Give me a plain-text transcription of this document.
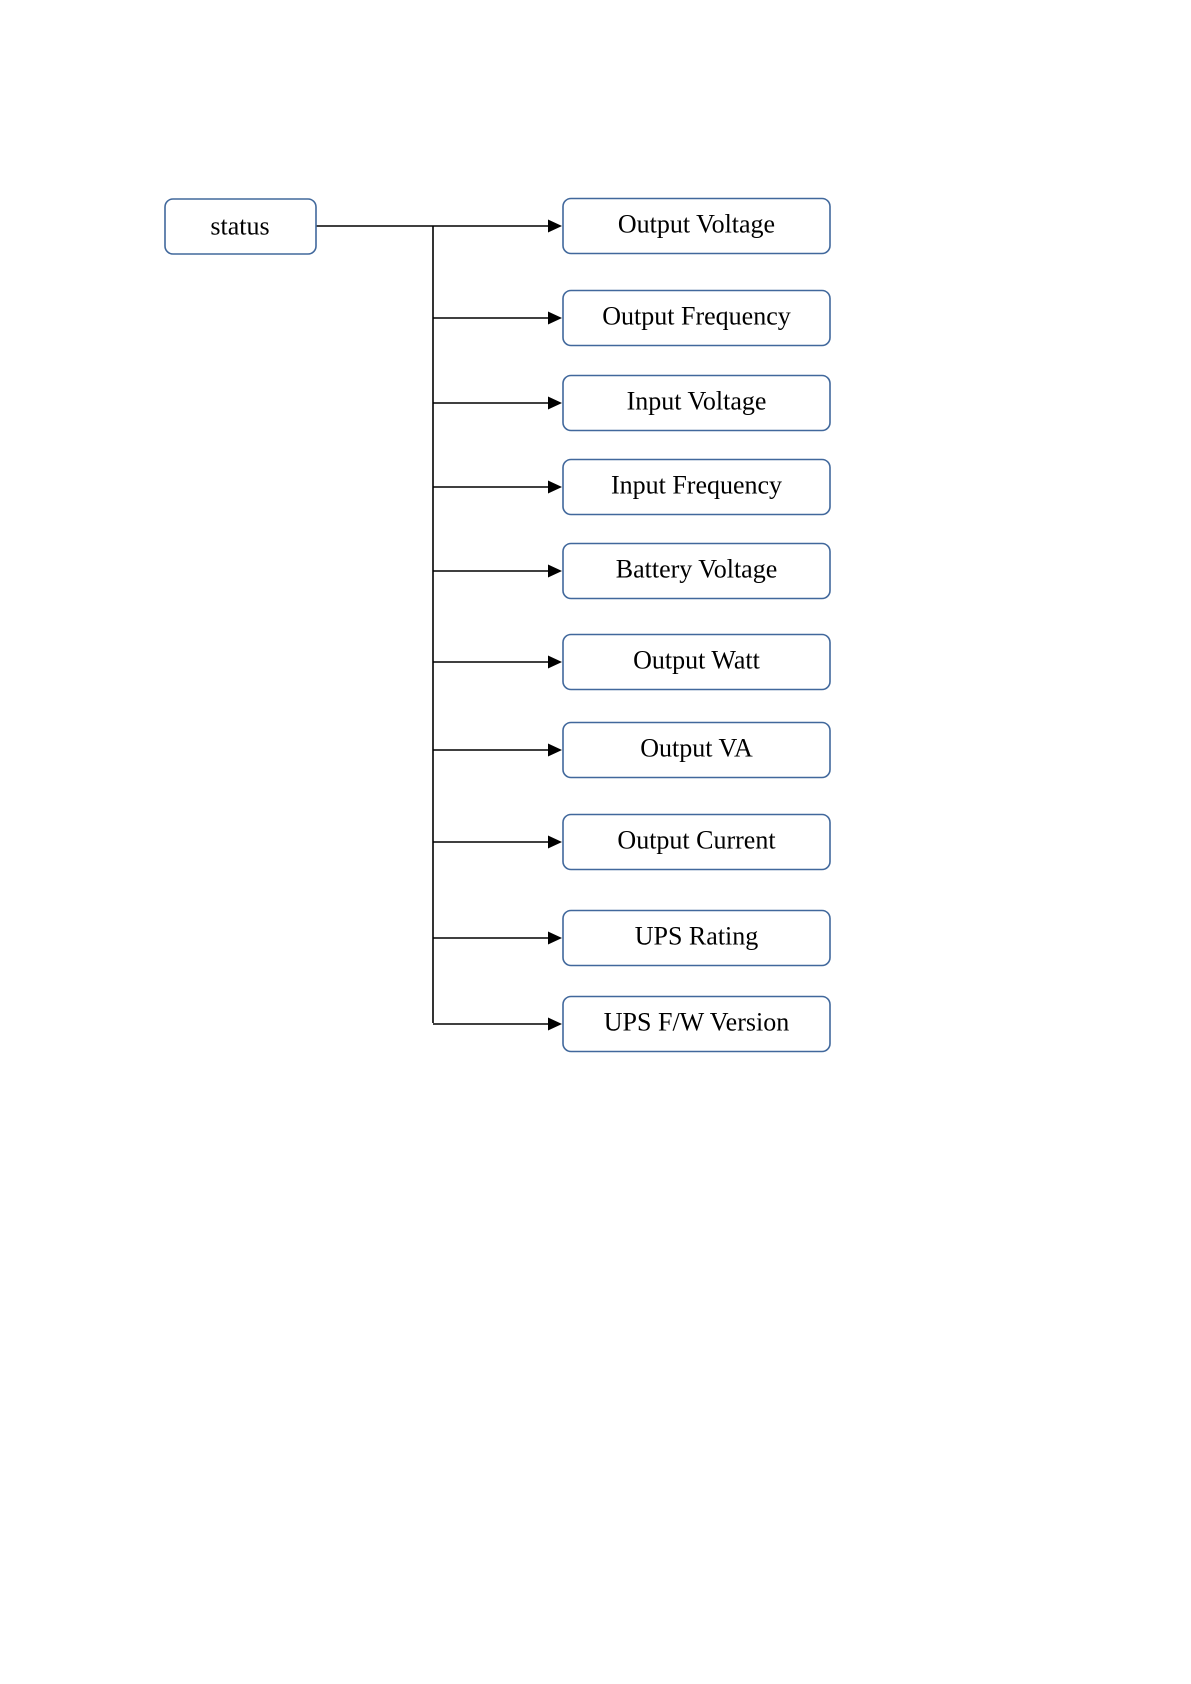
status	Output Voltage
Output Frequency
Input Voltage
Input Frequency
Battery Voltage
Output Watt
Output VA
Output Current
UPS Rating
UPS F/W Version
